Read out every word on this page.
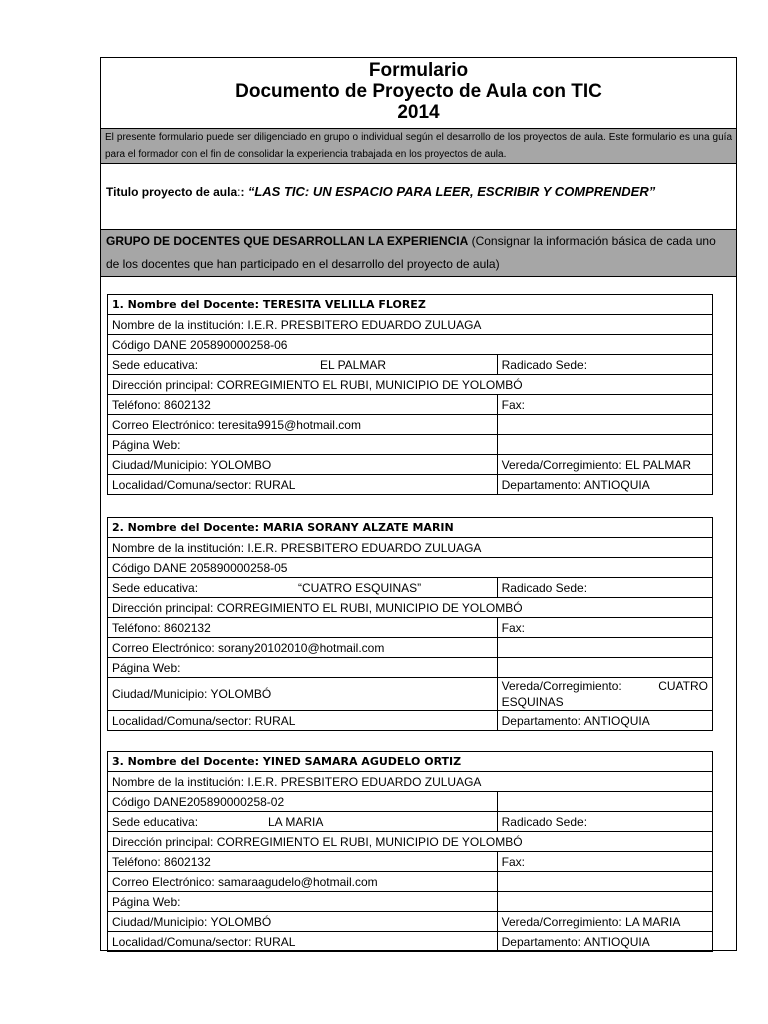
Formulario
Documento de Proyecto de Aula con TIC
2014
El presente formulario puede ser diligenciado en grupo o individual según el desarrollo de los proyectos de aula. Este formulario es una guía para el formador con el fin de consolidar la experiencia trabajada en los proyectos de aula.
Titulo proyecto de aula:: “LAS TIC: UN ESPACIO PARA LEER, ESCRIBIR Y COMPRENDER”
GRUPO DE DOCENTES QUE DESARROLLAN LA EXPERIENCIA (Consignar la información básica de cada uno de los docentes que han participado en el desarrollo del proyecto de aula)
1. Nombre del Docente: TERESITA VELILLA FLOREZ	
Nombre de la institución: I.E.R. PRESBITERO EDUARDO ZULUAGA	
Código DANE 205890000258-06	
Sede educativa: EL PALMAR	Radicado Sede:
Dirección principal: CORREGIMIENTO EL RUBI, MUNICIPIO DE YOLOMBÓ	
Teléfono: 8602132	Fax:
Correo Electrónico: teresita9915@hotmail.com	
Página Web:	
Ciudad/Municipio: YOLOMBO	Vereda/Corregimiento: EL PALMAR
Localidad/Comuna/sector: RURAL	Departamento: ANTIOQUIA
2. Nombre del Docente: MARIA SORANY ALZATE MARIN	
Nombre de la institución: I.E.R. PRESBITERO EDUARDO ZULUAGA	
Código DANE 205890000258-05	
Sede educativa: “CUATRO ESQUINAS”	Radicado Sede:
Dirección principal: CORREGIMIENTO EL RUBI, MUNICIPIO DE YOLOMBÓ	
Teléfono: 8602132	Fax:
Correo Electrónico: sorany20102010@hotmail.com	
Página Web:	
Ciudad/Municipio: YOLOMBÓ	Vereda/Corregimiento: CUATRO
ESQUINAS

Localidad/Comuna/sector: RURAL	Departamento: ANTIOQUIA
3. Nombre del Docente: YINED SAMARA AGUDELO ORTIZ	
Nombre de la institución: I.E.R. PRESBITERO EDUARDO ZULUAGA	
Código DANE205890000258-02	
Sede educativa: LA MARIA	Radicado Sede:
Dirección principal: CORREGIMIENTO EL RUBI, MUNICIPIO DE YOLOMBÓ	
Teléfono: 8602132	Fax:
Correo Electrónico: samaraagudelo@hotmail.com	
Página Web:	
Ciudad/Municipio: YOLOMBÓ	Vereda/Corregimiento: LA MARIA
Localidad/Comuna/sector: RURAL	Departamento: ANTIOQUIA
